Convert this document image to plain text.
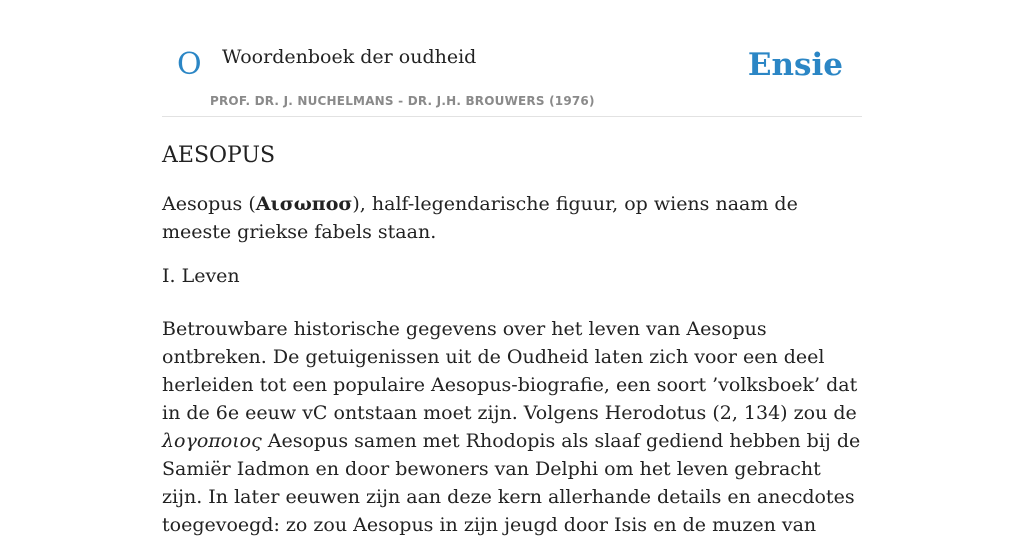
O Woordenboek der oudheid
PROF. DR. J. NUCHELMANS - DR. J.H. BROUWERS (1976)
Ensie
AESOPUS

Aesopus (Αισωποσ), half-legendarische figuur, op wiens naam de meeste griekse fabels staan.

I. Leven

Betrouwbare historische gegevens over het leven van Aesopus ontbreken. De getuigenissen uit de Oudheid laten zich voor een deel herleiden tot een populaire Aesopus-biografie, een soort ’volksboek’ dat in de 6e eeuw vC ontstaan moet zijn. Volgens Herodotus (2, 134) zou de λογοποιος Aesopus samen met Rhodopis als slaaf gediend hebben bij de Samiër Iadmon en door bewoners van Delphi om het leven gebracht zijn. In later eeuwen zijn aan deze kern allerhande details en anecdotes toegevoegd: zo zou Aesopus in zijn jeugd door Isis en de muzen van
